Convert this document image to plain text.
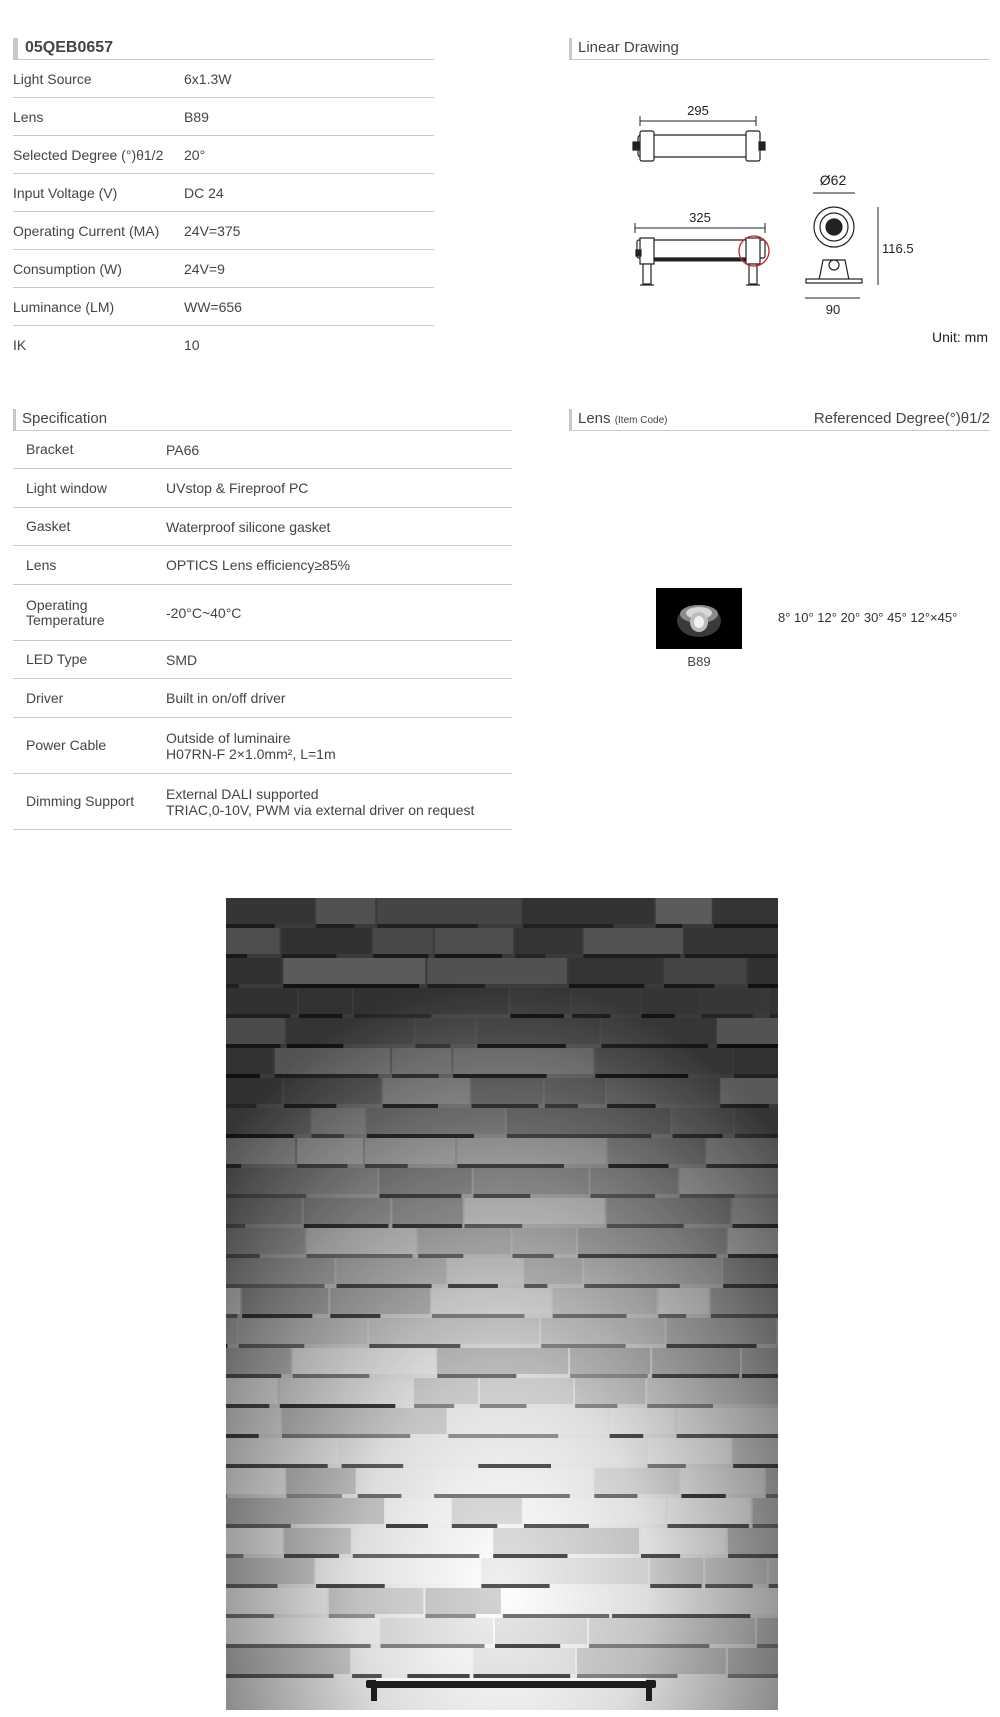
05QEB0657
Light Source	6x1.3W
Lens	B89
Selected Degree (°)θ1/2	20°
Input Voltage (V)	DC 24
Operating Current (MA)	24V=375
Consumption (W)	24V=9
Luminance (LM)	WW=656
IK	10
Linear Drawing
295
325
Ø62
116.5
90
Unit: mm
Specification
Bracket	PA66
Light window	UVstop & Fireproof PC
Gasket	Waterproof silicone gasket
Lens	OPTICS Lens efficiency≥85%
Operating Temperature	-20°C~40°C
LED Type	SMD
Driver	Built in on/off driver
Power Cable	Outside of luminaire
H07RN-F 2×1.0mm², L=1m
Dimming Support	External DALI supported
TRIAC,0-10V, PWM via external driver on request
Lens (Item Code)	Referenced Degree(°)θ1/2
B89
8° 10° 12° 20° 30° 45° 12°×45°
